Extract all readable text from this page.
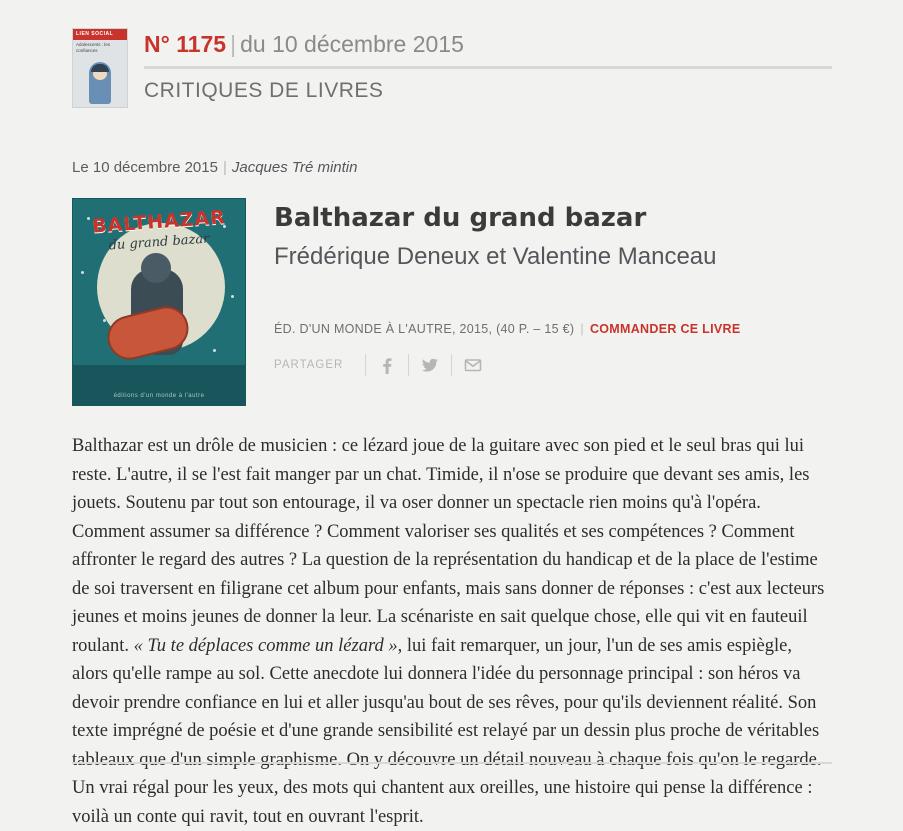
LIEN SOCIAL
Adolescents : les confiances	N° 1175 | du 10 décembre 2015
CRITIQUES DE LIVRES
Le 10 décembre 2015 | Jacques Tré mintin
BALTHAZAR
du grand bazar
éditions d'un monde à l'autre
Balthazar du grand bazar
Frédérique Deneux et Valentine Manceau
ÉD. D'UN MONDE À L'AUTRE, 2015, (40 P. – 15 €) | COMMANDER CE LIVRE
PARTAGER
Balthazar est un drôle de musicien : ce lézard joue de la guitare avec son pied et le seul bras qui lui reste. L'autre, il se l'est fait manger par un chat. Timide, il n'ose se produire que devant ses amis, les jouets. Soutenu par tout son entourage, il va oser donner un spectacle rien moins qu'à l'opéra. Comment assumer sa différence ? Comment valoriser ses qualités et ses compétences ? Comment affronter le regard des autres ? La question de la représentation du handicap et de la place de l'estime de soi traversent en filigrane cet album pour enfants, mais sans donner de réponses : c'est aux lecteurs jeunes et moins jeunes de donner la leur. La scénariste en sait quelque chose, elle qui vit en fauteuil roulant. « Tu te déplaces comme un lézard », lui fait remarquer, un jour, l'un de ses amis espiègle, alors qu'elle rampe au sol. Cette anecdote lui donnera l'idée du personnage principal : son héros va devoir prendre confiance en lui et aller jusqu'au bout de ses rêves, pour qu'ils deviennent réalité. Son texte imprégné de poésie et d'une grande sensibilité est relayé par un dessin plus proche de véritables tableaux que d'un simple graphisme. On y découvre un détail nouveau à chaque fois qu'on le regarde. Un vrai régal pour les yeux, des mots qui chantent aux oreilles, une histoire qui pense la différence : voilà un conte qui ravit, tout en ouvrant l'esprit.
